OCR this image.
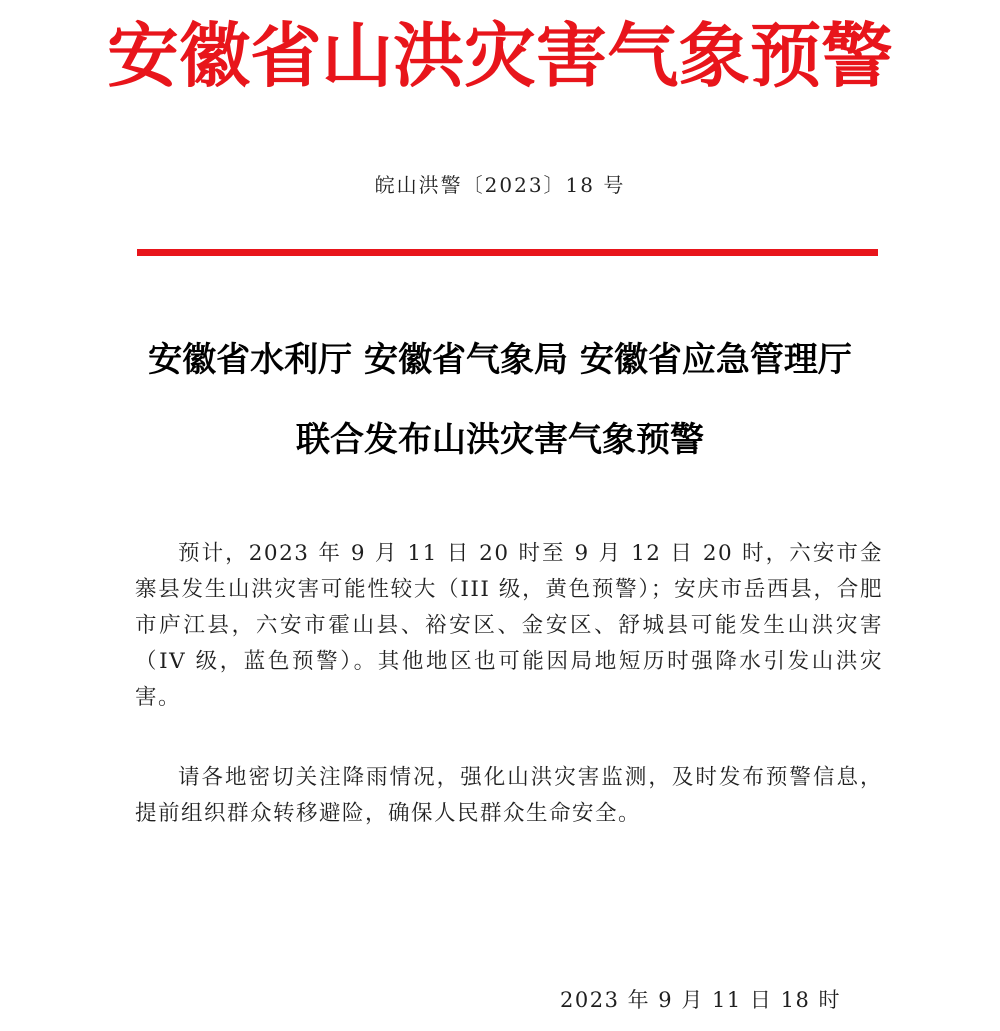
安徽省山洪灾害气象预警
皖山洪警〔2023〕18 号
安徽省水利厅 安徽省气象局 安徽省应急管理厅
联合发布山洪灾害气象预警

预计，2023 年 9 月 11 日 20 时至 9 月 12 日 20 时，六安市金寨县发生山洪灾害可能性较大（III 级，黄色预警）；安庆市岳西县，合肥市庐江县，六安市霍山县、裕安区、金安区、舒城县可能发生山洪灾害（IV 级，蓝色预警）。其他地区也可能因局地短历时强降水引发山洪灾害。

请各地密切关注降雨情况，强化山洪灾害监测，及时发布预警信息，提前组织群众转移避险，确保人民群众生命安全。

2023 年 9 月 11 日 18 时
